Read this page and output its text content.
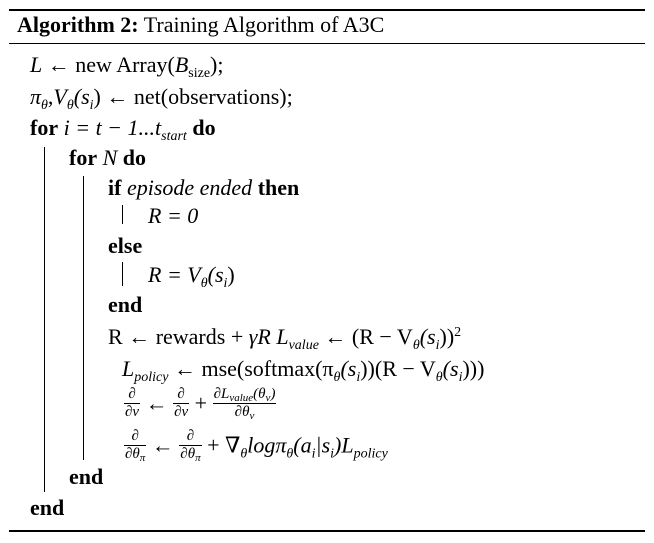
Algorithm 2: Training Algorithm of A3C
L ← new $Array(B_{size})$;
$\pi_\theta,V_\theta(s_i)$ ← net(observations);
for $i = t - 1...t_{start}$ do
for N do
if episode ended then
R = 0
else
$R = V_\theta(s_i)$
end
R ← rewards + γR $L_{value}$ ← $(R - V_\theta(s_i))^2$
$L_{policy}$ ← $mse(softmax(\pi_\theta(s_i))(R - V_\theta(s_i)))$
$\frac{\partial}{\partial v}$ ← $\frac{\partial}{\partial v} + \frac{\partial L_{value}(\theta_v)}{\partial\theta_v}$
$\frac{\partial}{\partial\theta_\pi}$ ← $\frac{\partial}{\partial\theta_\pi} + \nabla_\theta\log\pi_\theta(a_i|s_i)L_{policy}$
end
end
